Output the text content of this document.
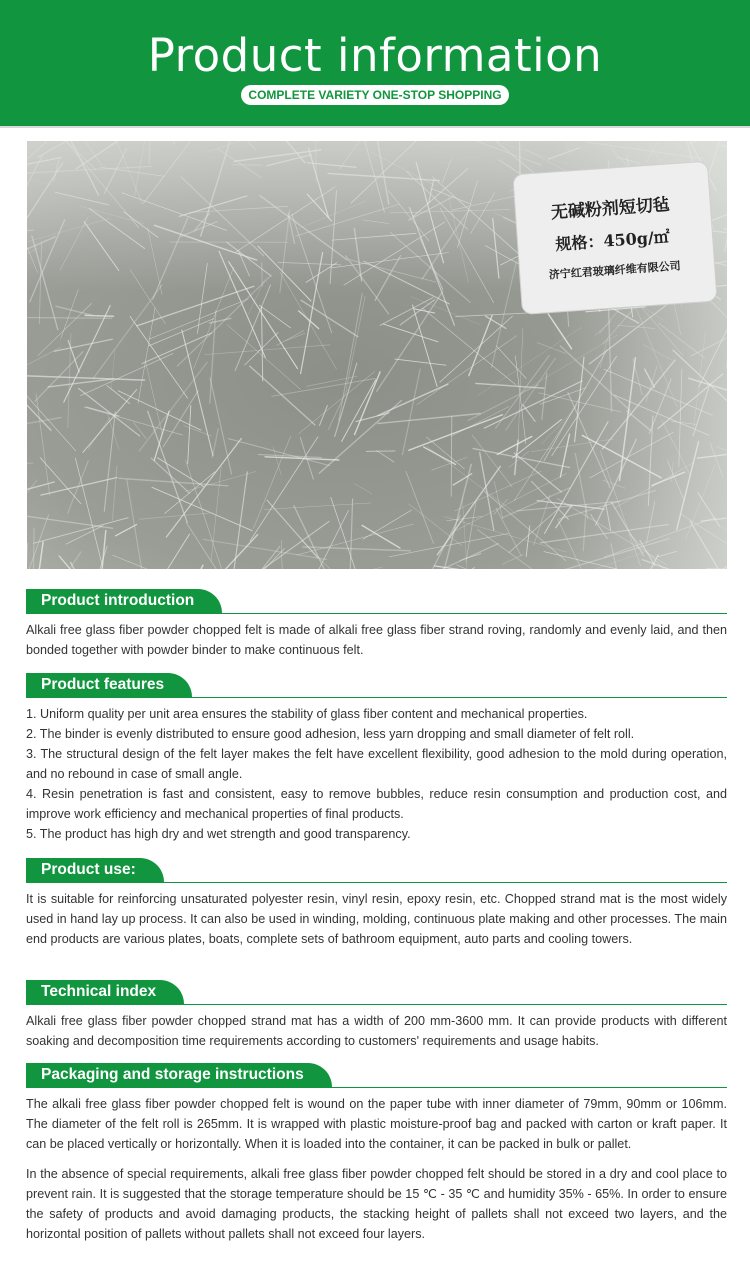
Product information
COMPLETE VARIETY ONE-STOP SHOPPING
无碱粉剂短切毡
规格：450g/㎡
济宁红君玻璃纤维有限公司
Product introduction

Alkali free glass fiber powder chopped felt is made of alkali free glass fiber strand roving, randomly and evenly laid, and then bonded together with powder binder to make continuous felt.

Product features
1. Uniform quality per unit area ensures the stability of glass fiber content and mechanical properties.
2. The binder is evenly distributed to ensure good adhesion, less yarn dropping and small diameter of felt roll.
3. The structural design of the felt layer makes the felt have excellent flexibility, good adhesion to the mold during operation, and no rebound in case of small angle.
4. Resin penetration is fast and consistent, easy to remove bubbles, reduce resin consumption and production cost, and improve work efficiency and mechanical properties of final products.
5. The product has high dry and wet strength and good transparency.
Product use:

It is suitable for reinforcing unsaturated polyester resin, vinyl resin, epoxy resin, etc. Chopped strand mat is the most widely used in hand lay up process. It can also be used in winding, molding, continuous plate making and other processes. The main end products are various plates, boats, complete sets of bathroom equipment, auto parts and cooling towers.

Technical index

Alkali free glass fiber powder chopped strand mat has a width of 200 mm-3600 mm. It can provide products with different soaking and decomposition time requirements according to customers' requirements and usage habits.

Packaging and storage instructions

The alkali free glass fiber powder chopped felt is wound on the paper tube with inner diameter of 79mm, 90mm or 106mm. The diameter of the felt roll is 265mm. It is wrapped with plastic moisture-proof bag and packed with carton or kraft paper. It can be placed vertically or horizontally. When it is loaded into the container, it can be packed in bulk or pallet.

In the absence of special requirements, alkali free glass fiber powder chopped felt should be stored in a dry and cool place to prevent rain. It is suggested that the storage temperature should be 15 ℃ - 35 ℃ and humidity 35% - 65%. In order to ensure the safety of products and avoid damaging products, the stacking height of pallets shall not exceed two layers, and the horizontal position of pallets without pallets shall not exceed four layers.
